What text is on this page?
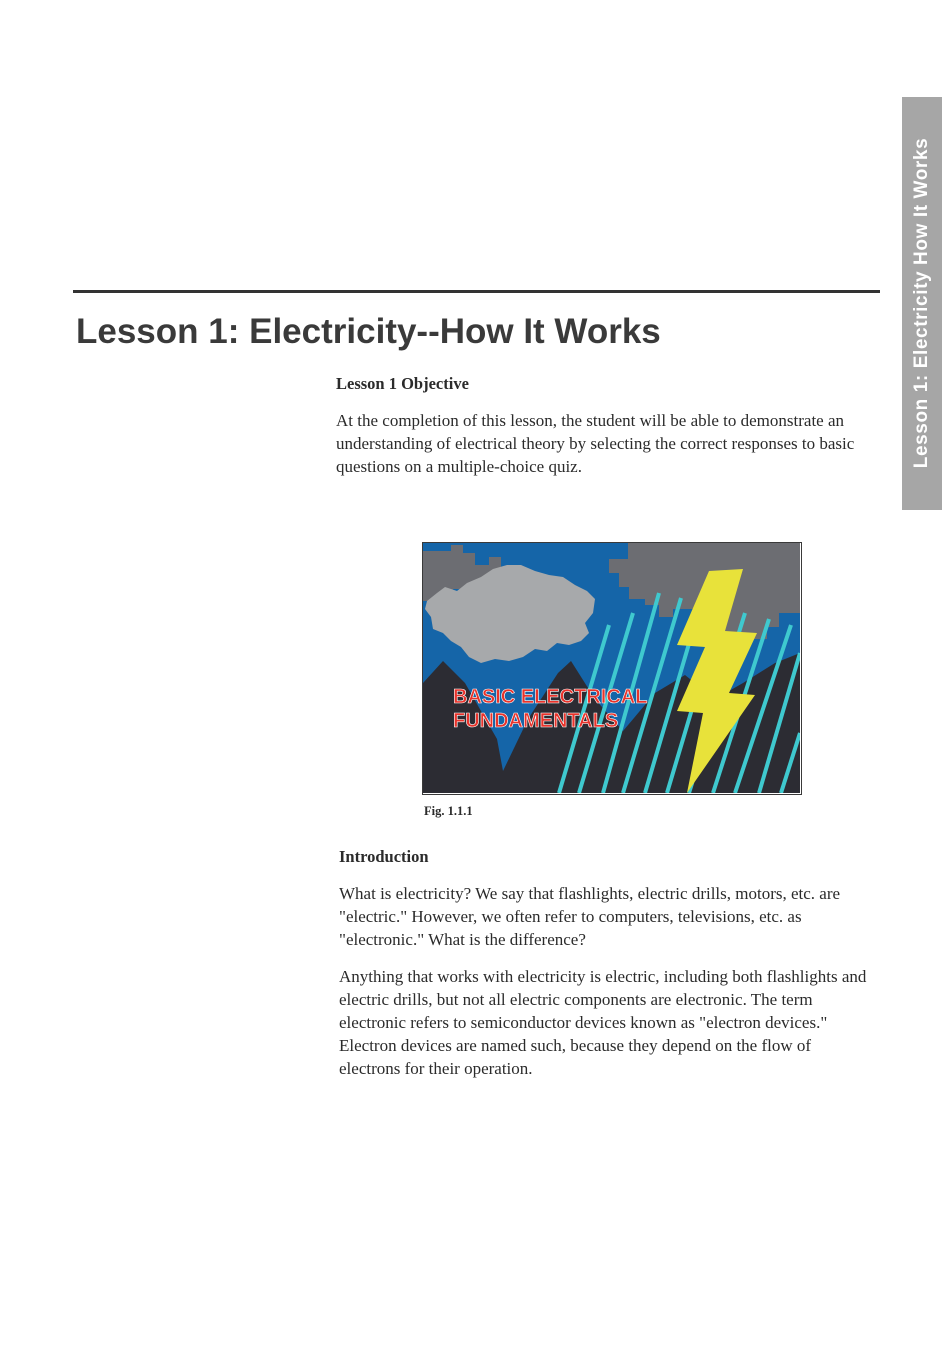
Lesson 1: Electricity How It Works
Lesson 1: Electricity--How It Works
Lesson 1 Objective

At the completion of this lesson, the student will be able to demonstrate an understanding of electrical theory by selecting the correct responses to basic questions on a multiple-choice quiz.

BASIC ELECTRICAL
FUNDAMENTALS

Fig. 1.1.1

Introduction

What is electricity? We say that flashlights, electric drills, motors, etc. are "electric." However, we often refer to computers, televisions, etc. as "electronic." What is the difference?

Anything that works with electricity is electric, including both flashlights and electric drills, but not all electric components are electronic. The term electronic refers to semiconductor devices known as "electron devices." Electron devices are named such, because they depend on the flow of electrons for their operation.
